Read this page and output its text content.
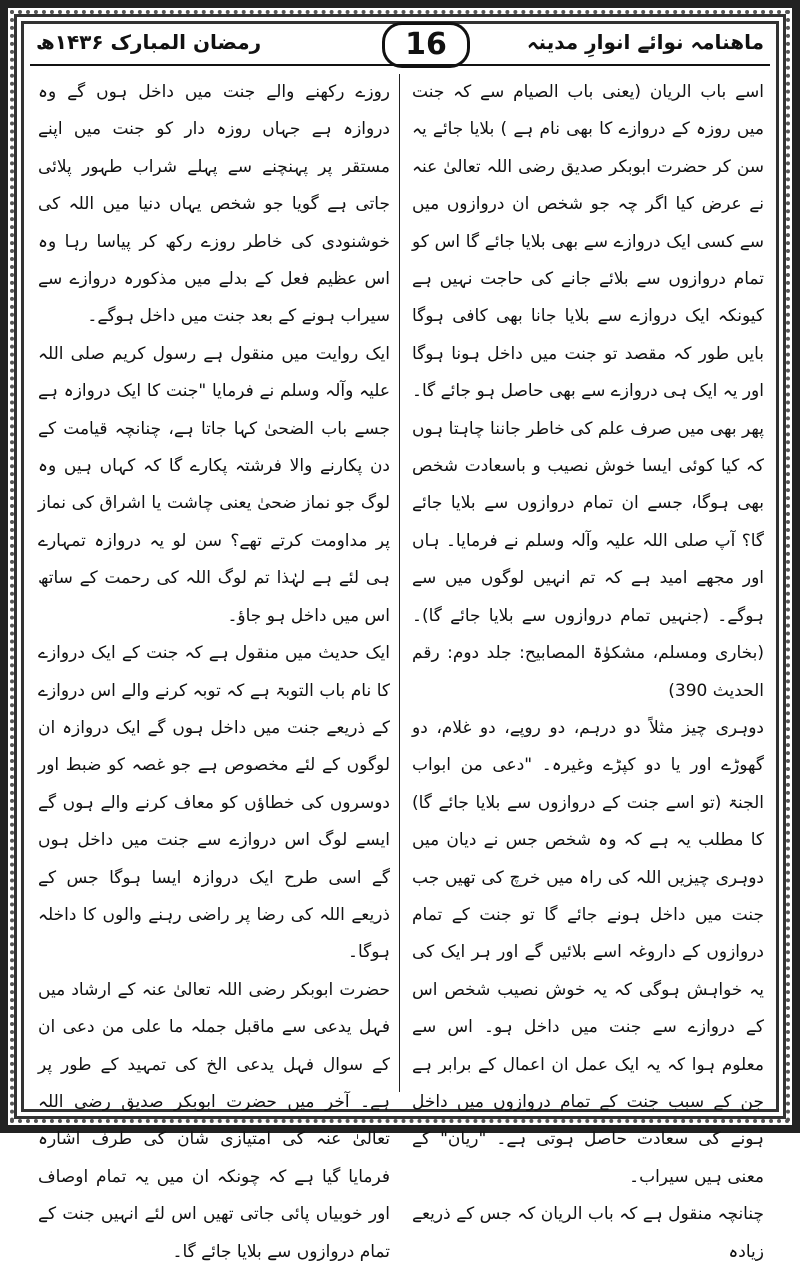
رمضان المبارک ۱۴۳۶ھ	16	ماھنامہ نوائے انوارِ مدینہ

اسے باب الریان (یعنی باب الصیام سے کہ جنت میں روزہ کے دروازے کا بھی نام ہے ) بلایا جائے یہ سن کر حضرت ابوبکر صدیق رضی اللہ تعالیٰ عنہ نے عرض کیا اگر چہ جو شخص ان دروازوں میں سے کسی ایک دروازے سے بھی بلایا جائے گا اس کو تمام دروازوں سے بلائے جانے کی حاجت نہیں ہے کیونکہ ایک دروازے سے بلایا جانا بھی کافی ہوگا بایں طور کہ مقصد تو جنت میں داخل ہونا ہوگا اور یہ ایک ہی دروازے سے بھی حاصل ہو جائے گا۔ پھر بھی میں صرف علم کی خاطر جاننا چاہتا ہوں کہ کیا کوئی ایسا خوش نصیب و باسعادت شخص بھی ہوگا، جسے ان تمام دروازوں سے بلایا جائے گا؟ آپ صلی اللہ علیہ وآلہ وسلم نے فرمایا۔ ہاں اور مجھے امید ہے کہ تم انہیں لوگوں میں سے ہوگے۔ (جنہیں تمام دروازوں سے بلایا جائے گا)۔ (بخاری ومسلم، مشکوٰۃ المصابیح: جلد دوم: رقم الحدیث 390)

دوہری چیز مثلاً دو درہم، دو روپے، دو غلام، دو گھوڑے اور یا دو کپڑے وغیرہ۔ "دعی من ابواب الجنۃ (تو اسے جنت کے دروازوں سے بلایا جائے گا) کا مطلب یہ ہے کہ وہ شخص جس نے دیان میں دوہری چیزیں اللہ کی راہ میں خرچ کی تھیں جب جنت میں داخل ہونے جائے گا تو جنت کے تمام دروازوں کے داروغہ اسے بلائیں گے اور ہر ایک کی یہ خواہش ہوگی کہ یہ خوش نصیب شخص اس کے دروازے سے جنت میں داخل ہو۔ اس سے معلوم ہوا کہ یہ ایک عمل ان اعمال کے برابر ہے جن کے سبب جنت کے تمام دروازوں میں داخل ہونے کی سعادت حاصل ہوتی ہے۔ "ریان" کے معنی ہیں سیراب۔

چنانچہ منقول ہے کہ باب الریان کہ جس کے ذریعے زیادہ

روزے رکھنے والے جنت میں داخل ہوں گے وہ دروازہ ہے جہاں روزہ دار کو جنت میں اپنے مستقر پر پہنچنے سے پہلے شراب طہور پلائی جاتی ہے گویا جو شخص یہاں دنیا میں اللہ کی خوشنودی کی خاطر روزے رکھ کر پیاسا رہا وہ اس عظیم فعل کے بدلے میں مذکورہ دروازے سے سیراب ہونے کے بعد جنت میں داخل ہوگے۔

ایک روایت میں منقول ہے رسول کریم صلی اللہ علیہ وآلہ وسلم نے فرمایا "جنت کا ایک دروازہ ہے جسے باب الضحیٰ کہا جاتا ہے، چنانچہ قیامت کے دن پکارنے والا فرشتہ پکارے گا کہ کہاں ہیں وہ لوگ جو نماز ضحیٰ یعنی چاشت یا اشراق کی نماز پر مداومت کرتے تھے؟ سن لو یہ دروازہ تمہارے ہی لئے ہے لہٰذا تم لوگ اللہ کی رحمت کے ساتھ اس میں داخل ہو جاؤ۔

ایک حدیث میں منقول ہے کہ جنت کے ایک دروازے کا نام باب التوبۃ ہے کہ توبہ کرنے والے اس دروازے کے ذریعے جنت میں داخل ہوں گے ایک دروازہ ان لوگوں کے لئے مخصوص ہے جو غصہ کو ضبط اور دوسروں کی خطاؤں کو معاف کرنے والے ہوں گے ایسے لوگ اس دروازے سے جنت میں داخل ہوں گے اسی طرح ایک دروازہ ایسا ہوگا جس کے ذریعے اللہ کی رضا پر راضی رہنے والوں کا داخلہ ہوگا۔

حضرت ابوبکر رضی اللہ تعالیٰ عنہ کے ارشاد میں فہل یدعی سے ماقبل جملہ ما علی من دعی ان کے سوال فہل یدعی الخ کی تمہید کے طور پر ہے۔ آخر میں حضرت ابوبکر صدیق رضی اللہ تعالیٰ عنہ کی امتیازی شان کی طرف اشارہ فرمایا گیا ہے کہ چونکہ ان میں یہ تمام اوصاف اور خوبیاں پائی جاتی تھیں اس لئے انہیں جنت کے تمام دروازوں سے بلایا جائے گا۔
